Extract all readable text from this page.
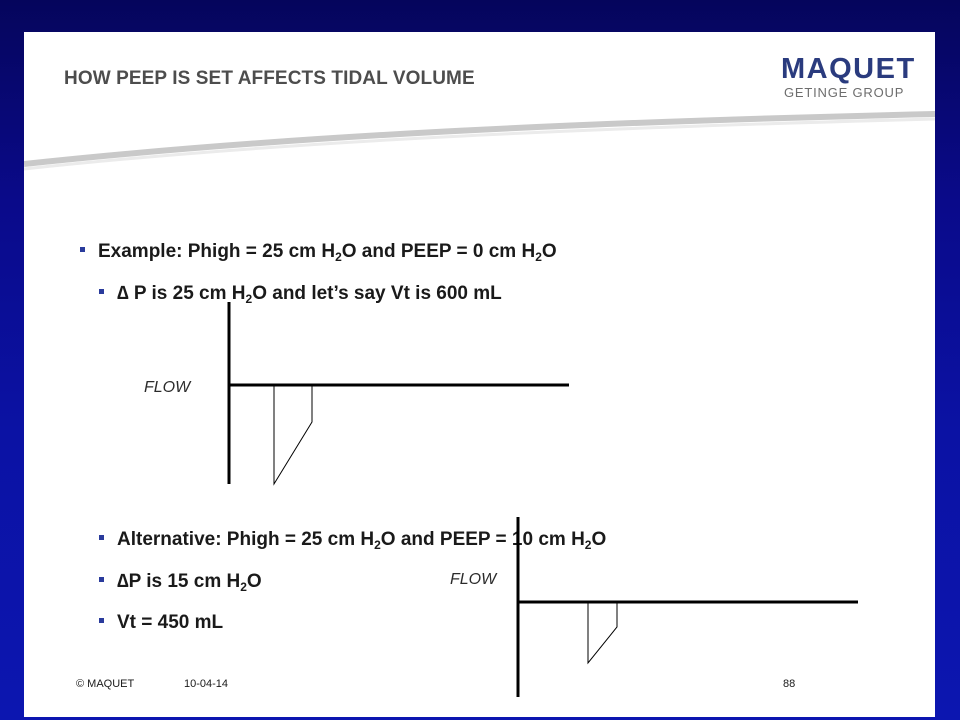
HOW PEEP IS SET AFFECTS TIDAL VOLUME	MAQUET
GETINGE GROUP
Example: Phigh = 25 cm $H_2O$ and PEEP = 0 cm $H_2O$
∆ P is 25 cm $H_2O$ and let’s say Vt is 600 mL
FLOW
Alternative: Phigh = 25 cm $H_2O$ and PEEP = 10 cm $H_2O$
∆P is 15 cm $H_2O$
Vt = 450 mL
FLOW
© MAQUET	10-04-14	88
